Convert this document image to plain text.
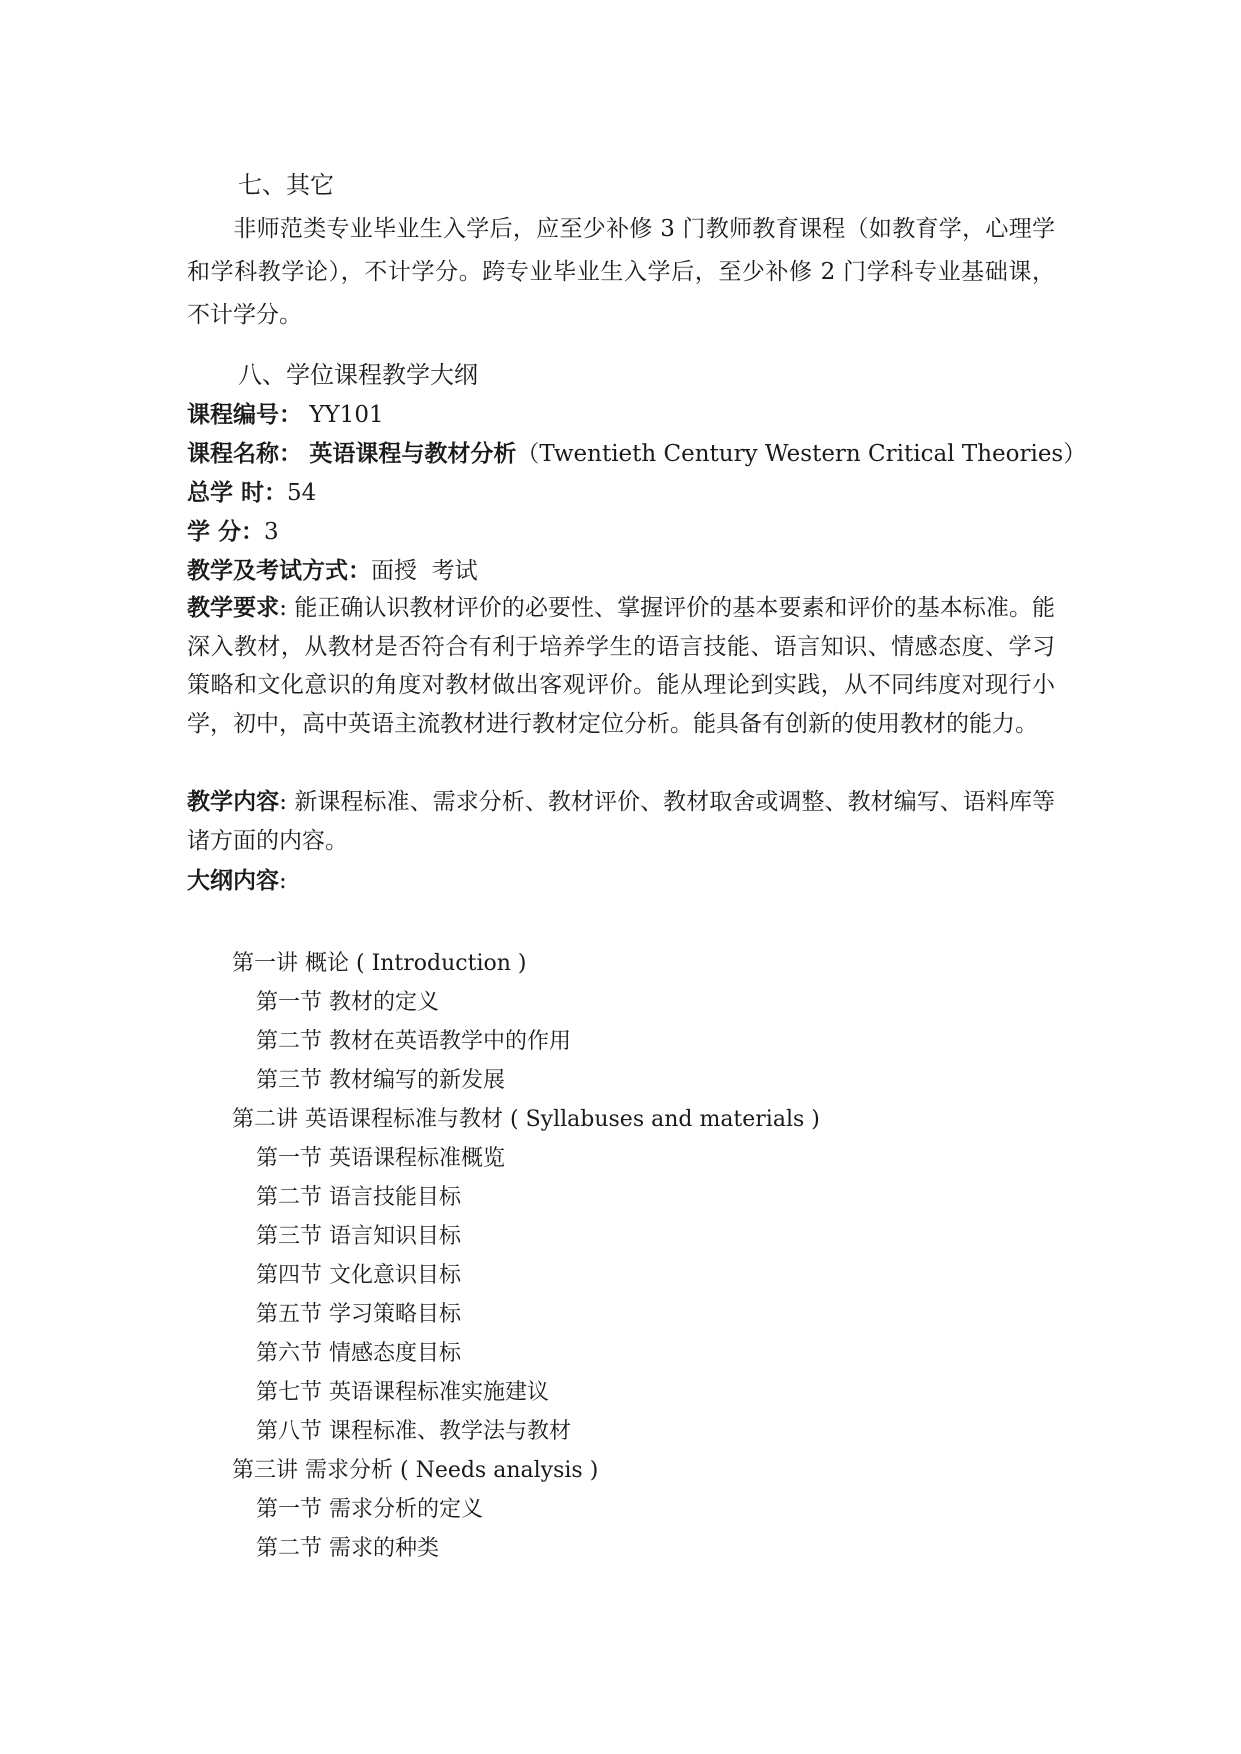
七、其它
非师范类专业毕业生入学后，应至少补修 3 门教师教育课程（如教育学，心理学和学科教学论），不计学分。跨专业毕业生入学后，至少补修 2 门学科专业基础课，不计学分。
八、学位课程教学大纲
课程编号： YY101
课程名称： 英语课程与教材分析（Twentieth Century Western Critical Theories）
总学 时：54
学 分：3
教学及考试方式：面授  考试
教学要求: 能正确认识教材评价的必要性、掌握评价的基本要素和评价的基本标准。能深入教材，从教材是否符合有利于培养学生的语言技能、语言知识、情感态度、学习策略和文化意识的角度对教材做出客观评价。能从理论到实践，从不同纬度对现行小学，初中，高中英语主流教材进行教材定位分析。能具备有创新的使用教材的能力。
教学内容: 新课程标准、需求分析、教材评价、教材取舍或调整、教材编写、语料库等诸方面的内容。
大纲内容:
第一讲 概论 ( Introduction )
第一节 教材的定义
第二节 教材在英语教学中的作用
第三节 教材编写的新发展
第二讲 英语课程标准与教材 ( Syllabuses and materials )
第一节 英语课程标准概览
第二节 语言技能目标
第三节 语言知识目标
第四节 文化意识目标
第五节 学习策略目标
第六节 情感态度目标
第七节 英语课程标准实施建议
第八节 课程标准、教学法与教材
第三讲 需求分析 ( Needs analysis )
第一节 需求分析的定义
第二节 需求的种类
